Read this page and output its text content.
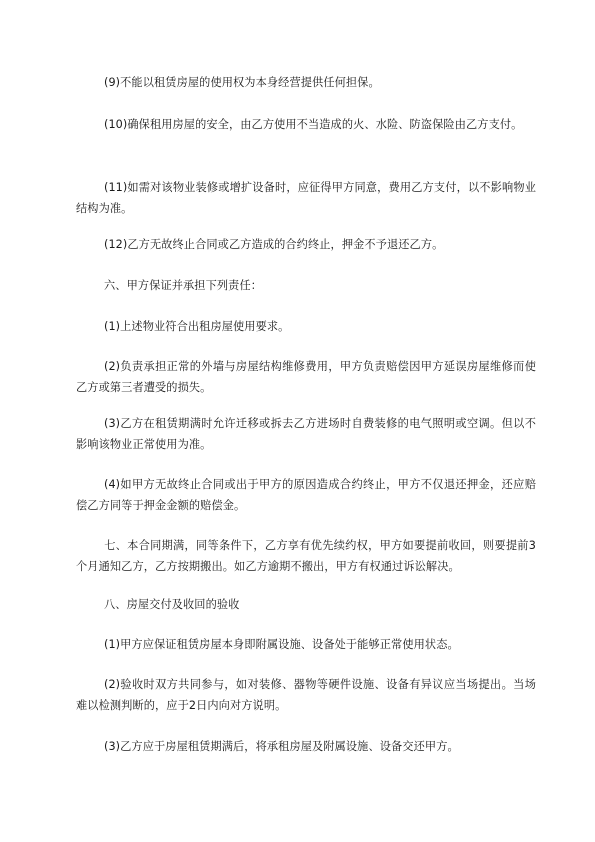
(9)不能以租赁房屋的使用权为本身经营提供任何担保。

(10)确保租用房屋的安全，由乙方使用不当造成的火、水险、防盗保险由乙方支付。

(11)如需对该物业装修或增扩设备时，应征得甲方同意，费用乙方支付，以不影响物业结构为准。

(12)乙方无故终止合同或乙方造成的合约终止，押金不予退还乙方。

六、甲方保证并承担下列责任：

(1)上述物业符合出租房屋使用要求。

(2)负责承担正常的外墙与房屋结构维修费用，甲方负责赔偿因甲方延误房屋维修而使乙方或第三者遭受的损失。

(3)乙方在租赁期满时允许迁移或拆去乙方进场时自费装修的电气照明或空调。但以不影响该物业正常使用为准。

(4)如甲方无故终止合同或出于甲方的原因造成合约终止，甲方不仅退还押金，还应赔偿乙方同等于押金金额的赔偿金。

七、本合同期满，同等条件下，乙方享有优先续约权，甲方如要提前收回，则要提前3个月通知乙方，乙方按期搬出。如乙方逾期不搬出，甲方有权通过诉讼解决。

八、房屋交付及收回的验收

(1)甲方应保证租赁房屋本身即附属设施、设备处于能够正常使用状态。

(2)验收时双方共同参与，如对装修、器物等硬件设施、设备有异议应当场提出。当场难以检测判断的，应于2日内向对方说明。

(3)乙方应于房屋租赁期满后，将承租房屋及附属设施、设备交还甲方。
